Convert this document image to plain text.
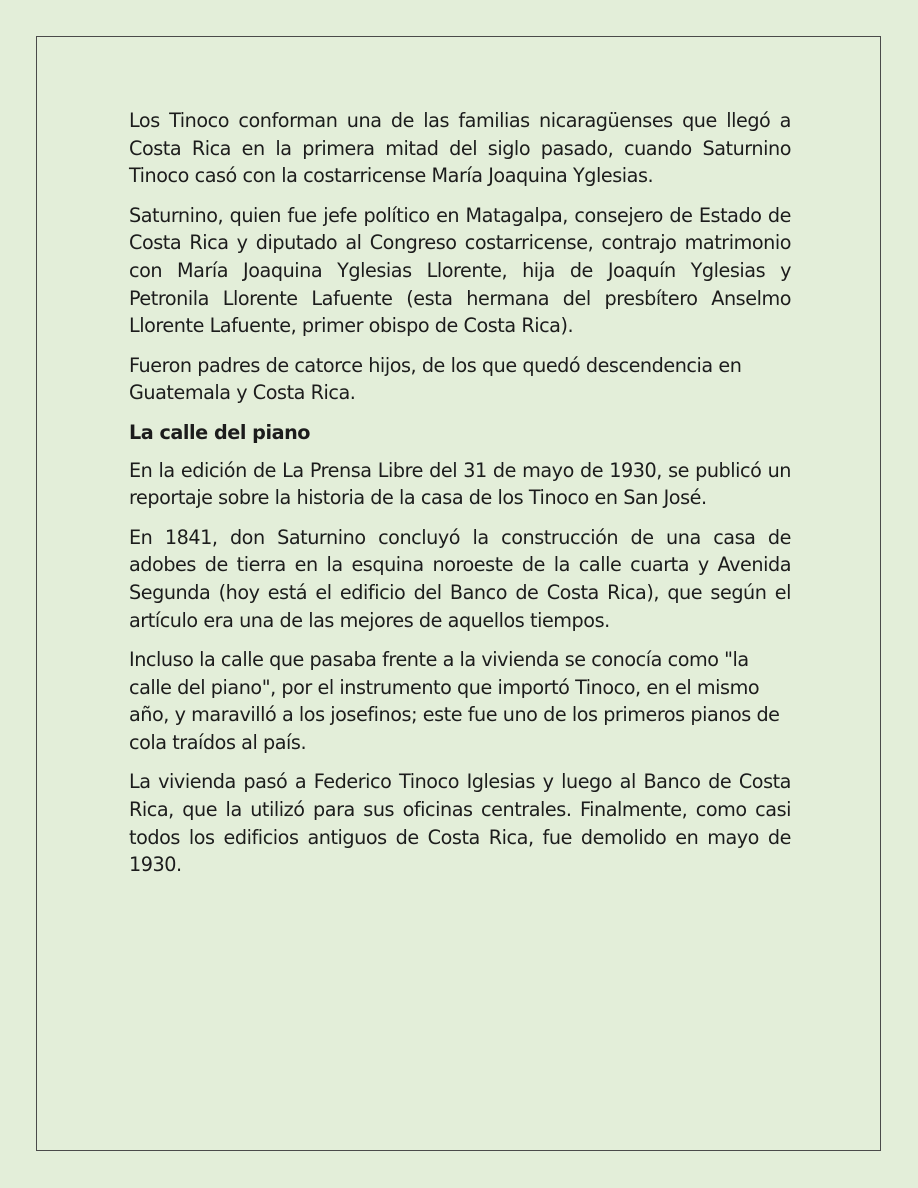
Los Tinoco conforman una de las familias nicaragüenses que llegó a Costa Rica en la primera mitad del siglo pasado, cuando Saturnino Tinoco casó con la costarricense María Joaquina Yglesias.

Saturnino, quien fue jefe político en Matagalpa, consejero de Estado de Costa Rica y diputado al Congreso costarricense, contrajo matrimonio con María Joaquina Yglesias Llorente, hija de Joaquín Yglesias y Petronila Llorente Lafuente (esta hermana del presbítero Anselmo Llorente Lafuente, primer obispo de Costa Rica).

Fueron padres de catorce hijos, de los que quedó descendencia en Guatemala y Costa Rica.

La calle del piano

En la edición de La Prensa Libre del 31 de mayo de 1930, se publicó un reportaje sobre la historia de la casa de los Tinoco en San José.

En 1841, don Saturnino concluyó la construcción de una casa de adobes de tierra en la esquina noroeste de la calle cuarta y Avenida Segunda (hoy está el edificio del Banco de Costa Rica), que según el artículo era una de las mejores de aquellos tiempos.

Incluso la calle que pasaba frente a la vivienda se conocía como "la calle del piano", por el instrumento que importó Tinoco, en el mismo año, y maravilló a los josefinos; este fue uno de los primeros pianos de cola traídos al país.

La vivienda pasó a Federico Tinoco Iglesias y luego al Banco de Costa Rica, que la utilizó para sus oficinas centrales. Finalmente, como casi todos los edificios antiguos de Costa Rica, fue demolido en mayo de 1930.
